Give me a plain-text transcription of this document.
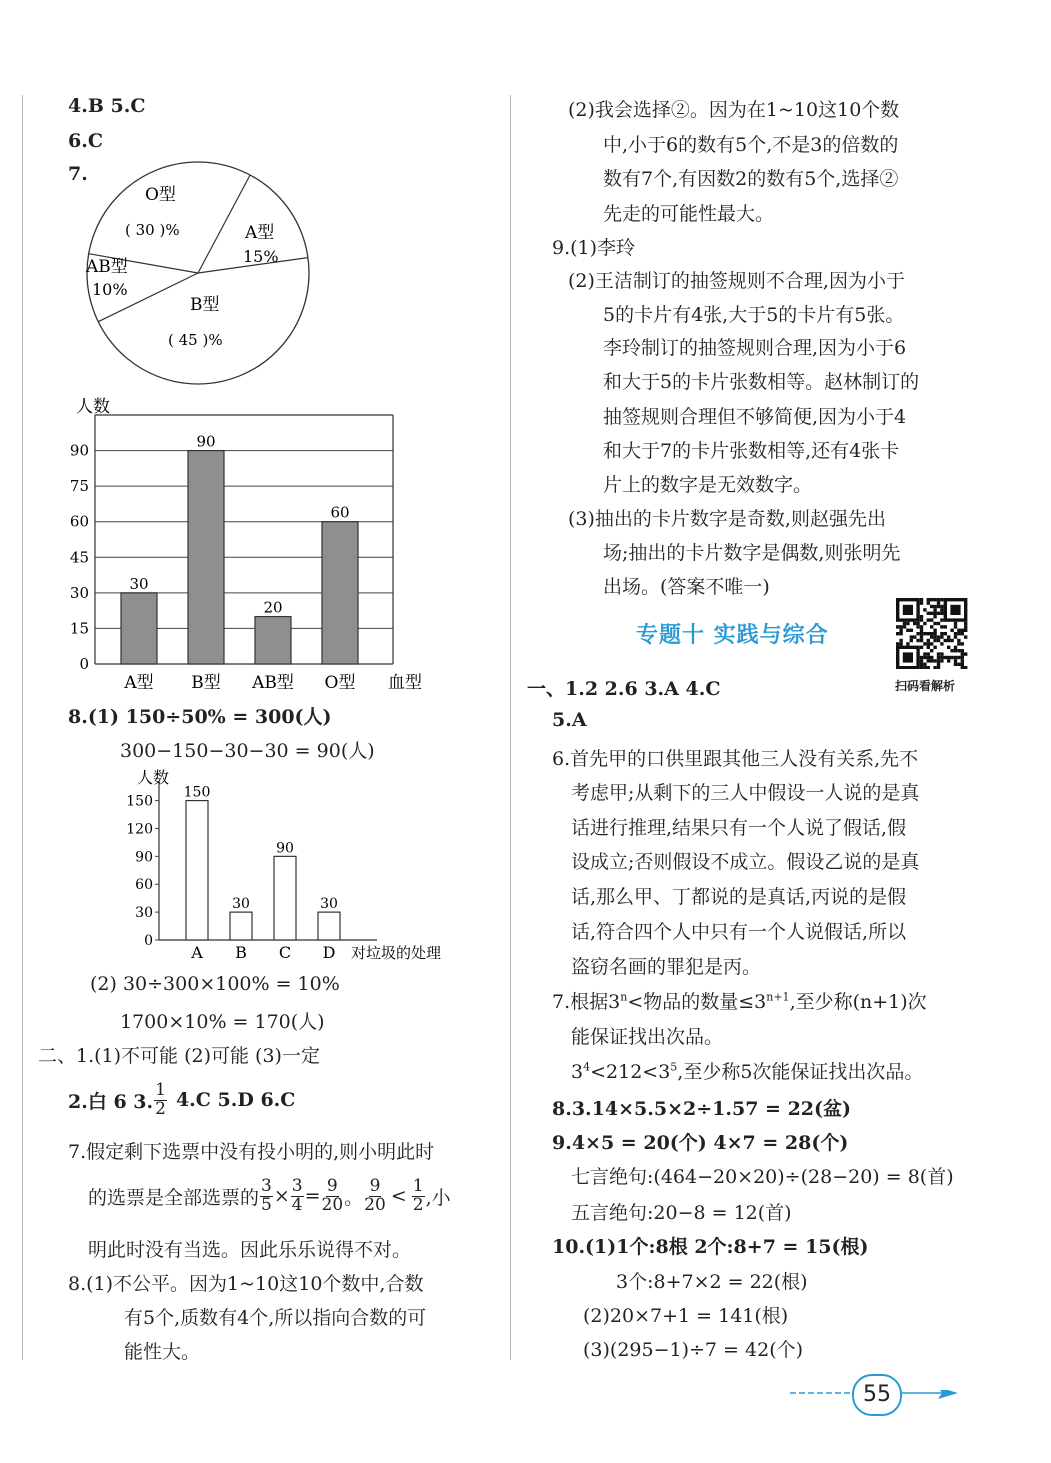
4.B 5.C
6.C
7.
O型
( 30 )%	A型
15%
AB型
10%
B型
( 45 )%
0
15
30
45
60
75
90
30
A型
90
B型
20
AB型
60
O型
人数
血型
8.(1) 150÷50% = 300(人)
300−150−30−30 = 90(人)
0
30
60
90
120
150
150
A
30
B
90
C
30
D
人数
对垃圾的处理
(2) 30÷300×100% = 10%
1700×10% = 170(人)
二、1.(1)不可能 (2)可能 (3)一定
2.白 6 3. $\frac{1}{2} 4.C$ 5.D 6.C
7.假定剩下选票中没有投小明的,则小明此时
的选票是全部选票的 $\frac{3}{5} \times \frac{3}{4} = \frac{9}{20}$ 。 $\frac{9}{20} < \frac{1}{2}$ ,小
明此时没有当选。因此乐乐说得不对。
8.(1)不公平。因为1~10这10个数中,合数
有5个,质数有4个,所以指向合数的可
能性大。
(2)我会选择②。因为在1~10这10个数
中,小于6的数有5个,不是3的倍数的
数有7个,有因数2的数有5个,选择②
先走的可能性最大。
9.(1)李玲
(2)王洁制订的抽签规则不合理,因为小于
5的卡片有4张,大于5的卡片有5张。
李玲制订的抽签规则合理,因为小于6
和大于5的卡片张数相等。赵林制订的
抽签规则合理但不够简便,因为小于4
和大于7的卡片张数相等,还有4张卡
片上的数字是无效数字。
(3)抽出的卡片数字是奇数,则赵强先出
场;抽出的卡片数字是偶数,则张明先
出场。(答案不唯一)
专题十 实践与综合
扫码看解析
一、1.2 2.6 3.A 4.C
5.A
6.首先甲的口供里跟其他三人没有关系,先不
考虑甲;从剩下的三人中假设一人说的是真
话进行推理,结果只有一个人说了假话,假
设成立;否则假设不成立。假设乙说的是真
话,那么甲、丁都说的是真话,丙说的是假
话,符合四个人中只有一个人说假话,所以
盗窃名画的罪犯是丙。
7.根据$3^n<$物品的数量$\le 3^{n+1}$,至少称(n+1)次
能保证找出次品。
$3^4<212<3^5$,至少称5次能保证找出次品。
8.3.14×5.5×2÷1.57 = 22(盆)
9.4×5 = 20(个) 4×7 = 28(个)
七言绝句:(464−20×20)÷(28−20) = 8(首)
五言绝句:20−8 = 12(首)
10.(1)1个:8根 2个:8+7 = 15(根)
3个:8+7×2 = 22(根)
(2)20×7+1 = 141(根)
(3)(295−1)÷7 = 42(个)
55
